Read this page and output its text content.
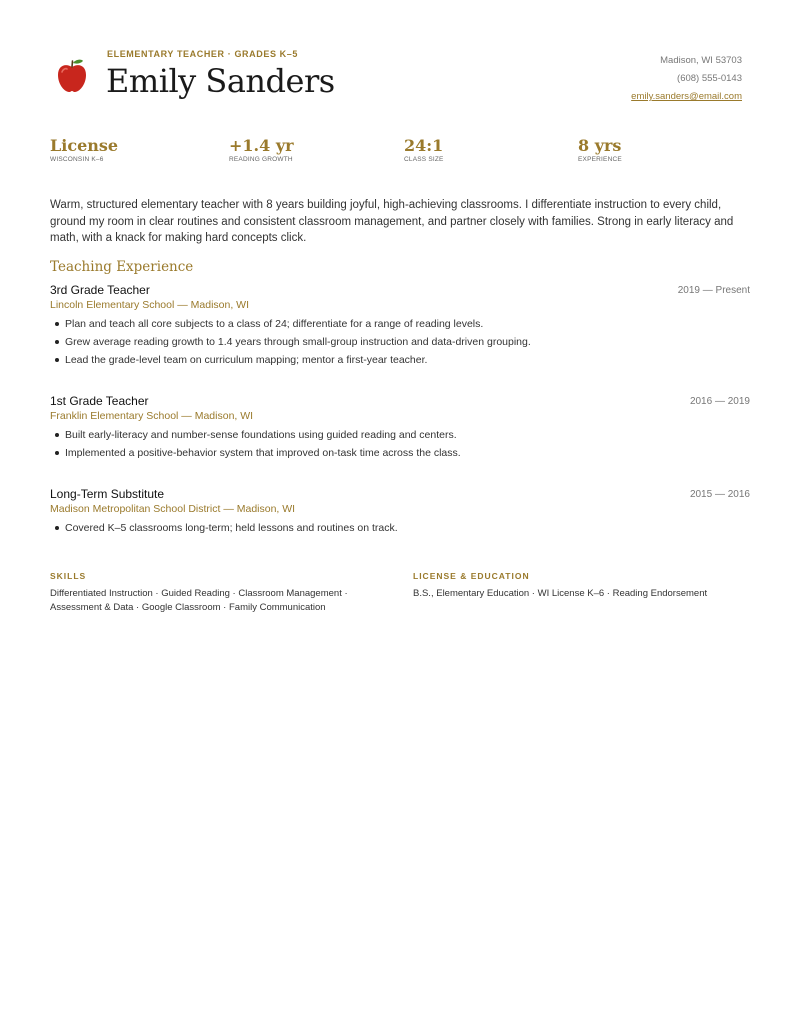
ELEMENTARY TEACHER · GRADES K–5
Emily Sanders
Madison, WI 53703
(608) 555-0143
emily.sanders@email.com
License
WISCONSIN K–6
+1.4 yr
READING GROWTH
24:1
CLASS SIZE
8 yrs
EXPERIENCE
Warm, structured elementary teacher with 8 years building joyful, high-achieving classrooms. I differentiate instruction to every child, ground my room in clear routines and consistent classroom management, and partner closely with families. Strong in early literacy and math, with a knack for making hard concepts click.
Teaching Experience
3rd Grade Teacher	2019 — Present
Lincoln Elementary School — Madison, WI
Plan and teach all core subjects to a class of 24; differentiate for a range of reading levels.
Grew average reading growth to 1.4 years through small-group instruction and data-driven grouping.
Lead the grade-level team on curriculum mapping; mentor a first-year teacher.
1st Grade Teacher	2016 — 2019
Franklin Elementary School — Madison, WI
Built early-literacy and number-sense foundations using guided reading and centers.
Implemented a positive-behavior system that improved on-task time across the class.
Long-Term Substitute	2015 — 2016
Madison Metropolitan School District — Madison, WI
Covered K–5 classrooms long-term; held lessons and routines on track.
SKILLS
Differentiated Instruction · Guided Reading · Classroom Management ·
Assessment & Data · Google Classroom · Family Communication
LICENSE & EDUCATION
B.S., Elementary Education · WI License K–6 · Reading Endorsement
